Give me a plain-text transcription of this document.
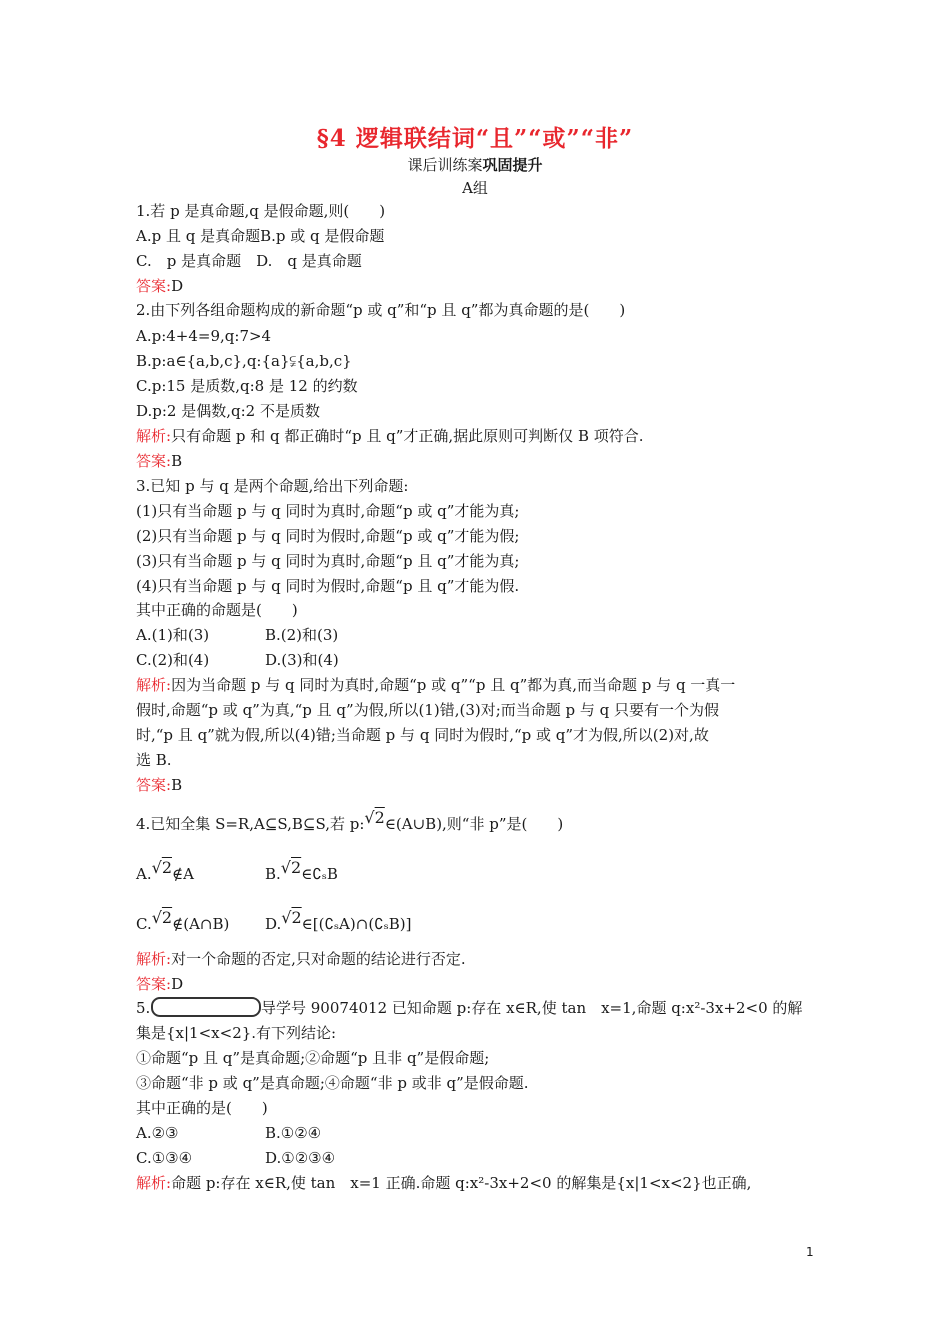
§4 逻辑联结词“且”“或”“非”
课后训练案巩固提升
A组
1.若 p 是真命题,q 是假命题,则(　　)
A.p 且 q 是真命题B.p 或 q 是假命题
C.　p 是真命题　D.　q 是真命题
答案:D
2.由下列各组命题构成的新命题“p 或 q”和“p 且 q”都为真命题的是(　　)
A.p:4+4=9,q:7>4
B.p:a∈{a,b,c},q:{a}⫋{a,b,c}
C.p:15 是质数,q:8 是 12 的约数
D.p:2 是偶数,q:2 不是质数
解析:只有命题 p 和 q 都正确时“p 且 q”才正确,据此原则可判断仅 B 项符合.
答案:B
3.已知 p 与 q 是两个命题,给出下列命题:
(1)只有当命题 p 与 q 同时为真时,命题“p 或 q”才能为真;
(2)只有当命题 p 与 q 同时为假时,命题“p 或 q”才能为假;
(3)只有当命题 p 与 q 同时为真时,命题“p 且 q”才能为真;
(4)只有当命题 p 与 q 同时为假时,命题“p 且 q”才能为假.
其中正确的命题是(　　)
A.(1)和(3)	B.(2)和(3)
C.(2)和(4)	D.(3)和(4)
解析:因为当命题 p 与 q 同时为真时,命题“p 或 q”“p 且 q”都为真,而当命题 p 与 q 一真一
假时,命题“p 或 q”为真,“p 且 q”为假,所以(1)错,(3)对;而当命题 p 与 q 只要有一个为假
时,“p 且 q”就为假,所以(4)错;当命题 p 与 q 同时为假时,“p 或 q”才为假,所以(2)对,故
选 B.
答案:B
4.已知全集 S=R,A⊆S,B⊆S,若 p:√2∈(A∪B),则“非 p”是(　　)
A.√2∉A	B.√2∈∁ₛB
C.√2∉(A∩B) D.√2∈[(∁ₛA)∩(∁ₛB)]
解析:对一个命题的否定,只对命题的结论进行否定.
答案:D
5.	导学号 90074012 已知命题 p:存在 x∈R,使 tan　x=1,命题 q:x²-3x+2<0 的解
集是{x|1<x<2}.有下列结论:
①命题“p 且 q”是真命题;②命题“p 且非 q”是假命题;
③命题“非 p 或 q”是真命题;④命题“非 p 或非 q”是假命题.
其中正确的是(　　)
A.②③	B.①②④
C.①③④	D.①②③④
解析:命题 p:存在 x∈R,使 tan　x=1 正确.命题 q:x²-3x+2<0 的解集是{x|1<x<2}也正确,
1
